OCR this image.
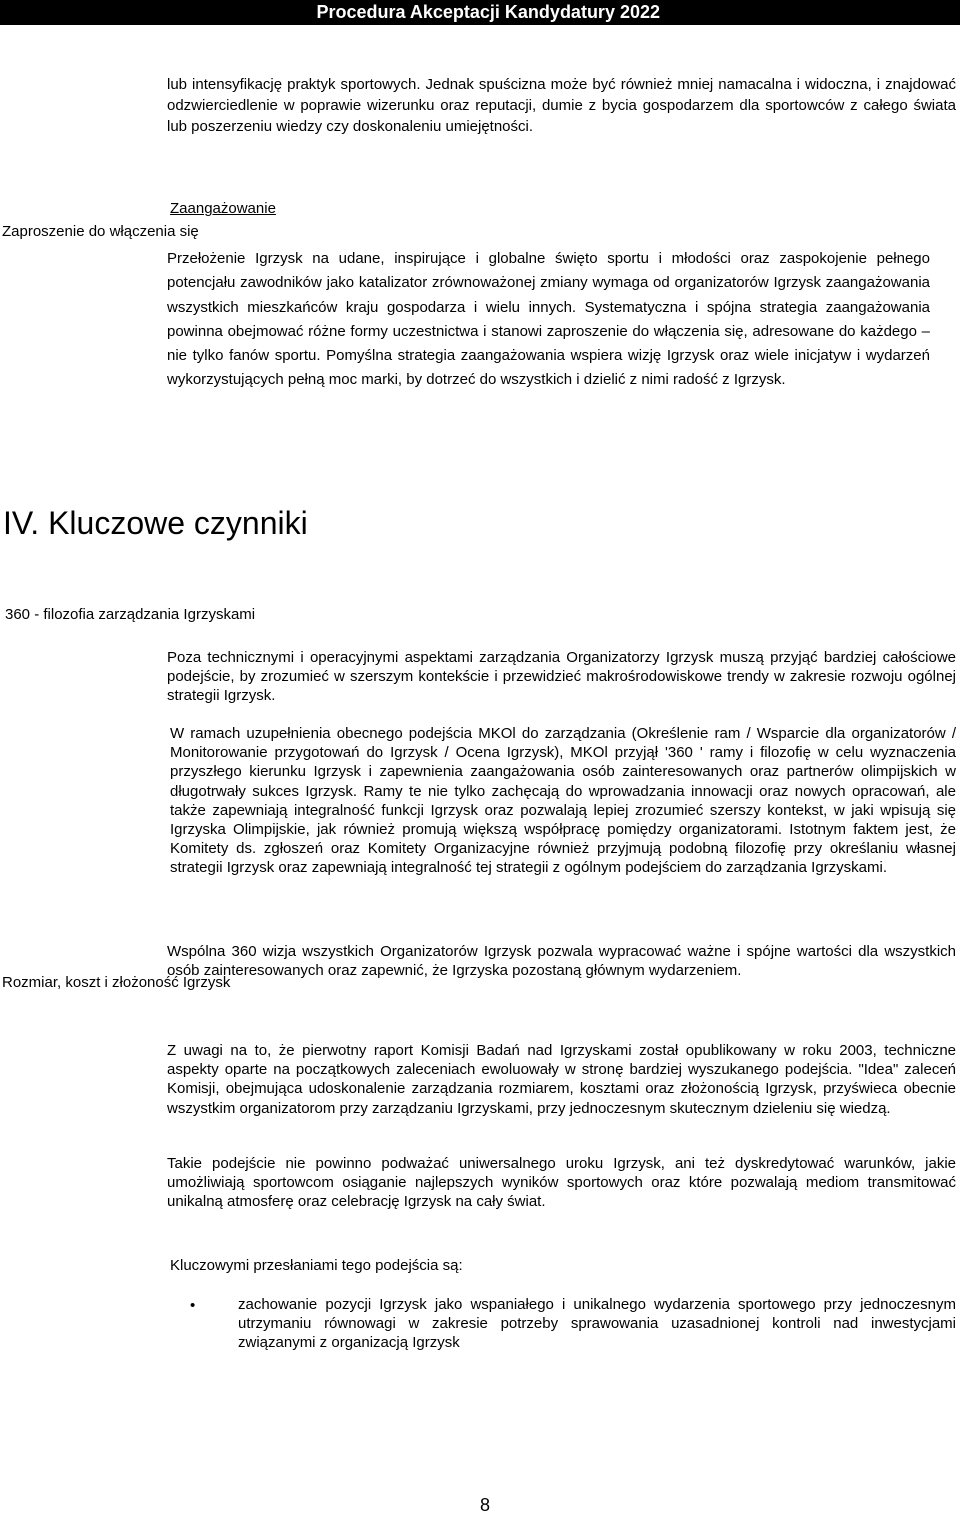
Procedura Akceptacji Kandydatury 2022

lub intensyfikację praktyk sportowych. Jednak spuścizna może być również mniej namacalna i widoczna, i znajdować odzwierciedlenie w poprawie wizerunku oraz reputacji, dumie z bycia gospodarzem dla sportowców z całego świata lub poszerzeniu wiedzy czy doskonaleniu umiejętności.

Zaangażowanie
Zaproszenie do włączenia się

Przełożenie Igrzysk na udane, inspirujące i globalne święto sportu i młodości oraz zaspokojenie pełnego potencjału zawodników jako katalizator zrównoważonej zmiany wymaga od organizatorów Igrzysk zaangażowania wszystkich mieszkańców kraju gospodarza i wielu innych. Systematyczna i spójna strategia zaangażowania powinna obejmować różne formy uczestnictwa i stanowi zaproszenie do włączenia się, adresowane do każdego – nie tylko fanów sportu. Pomyślna strategia zaangażowania wspiera wizję Igrzysk oraz wiele inicjatyw i wydarzeń wykorzystujących pełną moc marki, by dotrzeć do wszystkich i dzielić z nimi radość z Igrzysk.

IV. Kluczowe czynniki
360 - filozofia zarządzania Igrzyskami

Poza technicznymi i operacyjnymi aspektami zarządzania Organizatorzy Igrzysk muszą przyjąć bardziej całościowe podejście, by zrozumieć w szerszym kontekście i przewidzieć makrośrodowiskowe trendy w zakresie rozwoju ogólnej strategii Igrzysk.

W ramach uzupełnienia obecnego podejścia MKOl do zarządzania (Określenie ram / Wsparcie dla organizatorów / Monitorowanie przygotowań do Igrzysk / Ocena Igrzysk), MKOl przyjął '360 ' ramy i filozofię w celu wyznaczenia przyszłego kierunku Igrzysk i zapewnienia zaangażowania osób zainteresowanych oraz partnerów olimpijskich w długotrwały sukces Igrzysk. Ramy te nie tylko zachęcają do wprowadzania innowacji oraz nowych opracowań, ale także zapewniają integralność funkcji Igrzysk oraz pozwalają lepiej zrozumieć szerszy kontekst, w jaki wpisują się Igrzyska Olimpijskie, jak również promują większą współpracę pomiędzy organizatorami. Istotnym faktem jest, że Komitety ds. zgłoszeń oraz Komitety Organizacyjne również przyjmują podobną filozofię przy określaniu własnej strategii Igrzysk oraz zapewniają integralność tej strategii z ogólnym podejściem do zarządzania Igrzyskami.

Wspólna 360 wizja wszystkich Organizatorów Igrzysk pozwala wypracować ważne i spójne wartości dla wszystkich osób zainteresowanych oraz zapewnić, że Igrzyska pozostaną głównym wydarzeniem.

Rozmiar, koszt i złożoność Igrzysk

Z uwagi na to, że pierwotny raport Komisji Badań nad Igrzyskami został opublikowany w roku 2003, techniczne aspekty oparte na początkowych zaleceniach ewoluowały w stronę bardziej wyszukanego podejścia. "Idea" zaleceń Komisji, obejmująca udoskonalenie zarządzania rozmiarem, kosztami oraz złożonością Igrzysk, przyświeca obecnie wszystkim organizatorom przy zarządzaniu Igrzyskami, przy jednoczesnym skutecznym dzieleniu się wiedzą.

Takie podejście nie powinno podważać uniwersalnego uroku Igrzysk, ani też dyskredytować warunków, jakie umożliwiają sportowcom osiąganie najlepszych wyników sportowych oraz które pozwalają mediom transmitować unikalną atmosferę oraz celebrację Igrzysk na cały świat.

Kluczowymi przesłaniami tego podejścia są:
•	zachowanie pozycji Igrzysk jako wspaniałego i unikalnego wydarzenia sportowego przy jednoczesnym utrzymaniu równowagi w zakresie potrzeby sprawowania uzasadnionej kontroli nad inwestycjami związanymi z organizacją Igrzysk

8
